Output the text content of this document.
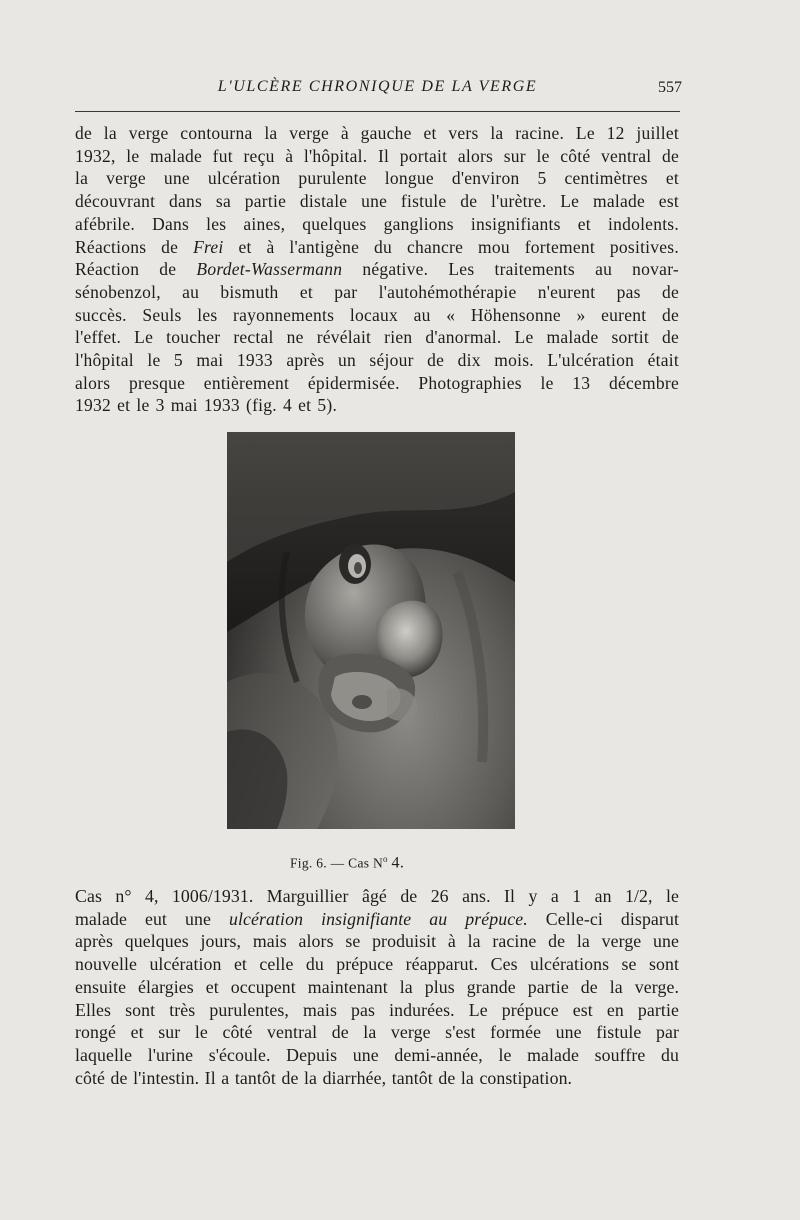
L'ULCÈRE CHRONIQUE DE LA VERGE	557
de la verge contourna la verge à gauche et vers la racine. Le 12 juillet
1932, le malade fut reçu à l'hôpital. Il portait alors sur le côté ventral de
la verge une ulcération purulente longue d'environ 5 centimètres et
découvrant dans sa partie distale une fistule de l'urètre. Le malade est
afébrile. Dans les aines, quelques ganglions insignifiants et indolents.
Réactions de Frei et à l'antigène du chancre mou fortement positives.
Réaction de Bordet-Wassermann négative. Les traitements au novar-
sénobenzol, au bismuth et par l'autohémothérapie n'eurent pas de
succès. Seuls les rayonnements locaux au « Höhensonne » eurent de
l'effet. Le toucher rectal ne révélait rien d'anormal. Le malade sortit de
l'hôpital le 5 mai 1933 après un séjour de dix mois. L'ulcération était
alors presque entièrement épidermisée. Photographies le 13 décembre
1932 et le 3 mai 1933 (fig. 4 et 5).
Fig. 6. — Cas $N^o$ 4.
Cas n° 4, 1006/1931. Marguillier âgé de 26 ans. Il y a 1 an 1/2, le
malade eut une ulcération insignifiante au prépuce. Celle-ci disparut
après quelques jours, mais alors se produisit à la racine de la verge une
nouvelle ulcération et celle du prépuce réapparut. Ces ulcérations se sont
ensuite élargies et occupent maintenant la plus grande partie de la verge.
Elles sont très purulentes, mais pas indurées. Le prépuce est en partie
rongé et sur le côté ventral de la verge s'est formée une fistule par
laquelle l'urine s'écoule. Depuis une demi-année, le malade souffre du
côté de l'intestin. Il a tantôt de la diarrhée, tantôt de la constipation.
